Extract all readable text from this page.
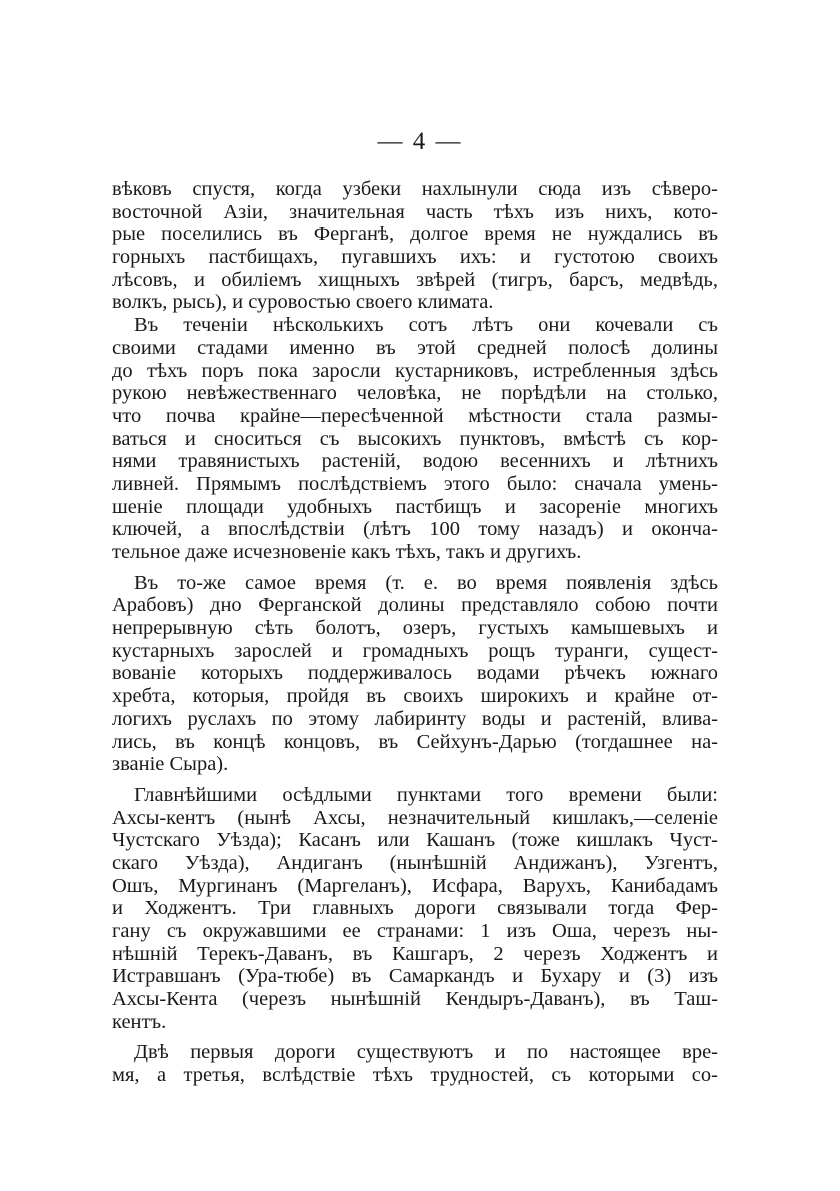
— 4 —
вѣковъ спустя, когда узбеки нахлынули сюда изъ сѣверо-
восточной Азіи, значительная часть тѣхъ изъ нихъ, кото-
рые поселились въ Ферганѣ, долгое время не нуждались въ
горныхъ пастбищахъ, пугавшихъ ихъ: и густотою своихъ
лѣсовъ, и обиліемъ хищныхъ звѣрей (тигръ, барсъ, медвѣдь,
волкъ, рысь), и суровостью своего климата.
Въ теченіи нѣсколькихъ сотъ лѣтъ они кочевали съ
своими стадами именно въ этой средней полосѣ долины
до тѣхъ поръ пока заросли кустарниковъ, истребленныя здѣсь
рукою невѣжественнаго человѣка, не порѣдѣли на столько,
что почва крайне—пересѣченной мѣстности стала размы-
ваться и сноситься съ высокихъ пунктовъ, вмѣстѣ съ кор-
нями травянистыхъ растеній, водою весеннихъ и лѣтнихъ
ливней. Прямымъ послѣдствіемъ этого было: сначала умень-
шеніе площади удобныхъ пастбищъ и засореніе многихъ
ключей, а впослѣдствіи (лѣтъ 100 тому назадъ) и оконча-
тельное даже исчезновеніе какъ тѣхъ, такъ и другихъ.
Въ то-же самое время (т. е. во время появленія здѣсь
Арабовъ) дно Ферганской долины представляло собою почти
непрерывную сѣть болотъ, озеръ, густыхъ камышевыхъ и
кустарныхъ зарослей и громадныхъ рощъ туранги, сущест-
вованіе которыхъ поддерживалось водами рѣчекъ южнаго
хребта, которыя, пройдя въ своихъ широкихъ и крайне от-
логихъ руслахъ по этому лабиринту воды и растеній, влива-
лись, въ концѣ концовъ, въ Сейхунъ-Дарью (тогдашнее на-
званіе Сыра).
Главнѣйшими осѣдлыми пунктами того времени были:
Ахсы-кентъ (нынѣ Ахсы, незначительный кишлакъ,—селеніе
Чустскаго Уѣзда); Касанъ или Кашанъ (тоже кишлакъ Чуст-
скаго Уѣзда), Андиганъ (нынѣшній Андижанъ), Узгентъ,
Ошъ, Мургинанъ (Маргеланъ), Исфара, Варухъ, Канибадамъ
и Ходжентъ. Три главныхъ дороги связывали тогда Фер-
гану съ окружавшими ее странами: 1 изъ Оша, черезъ ны-
нѣшній Терекъ-Даванъ, въ Кашгаръ, 2 черезъ Ходжентъ и
Истравшанъ (Ура-тюбе) въ Самаркандъ и Бухару и (3) изъ
Ахсы-Кента (черезъ нынѣшній Кендыръ-Даванъ), въ Таш-
кентъ.
Двѣ первыя дороги существуютъ и по настоящее вре-
мя, а третья, вслѣдствіе тѣхъ трудностей, съ которыми со-
